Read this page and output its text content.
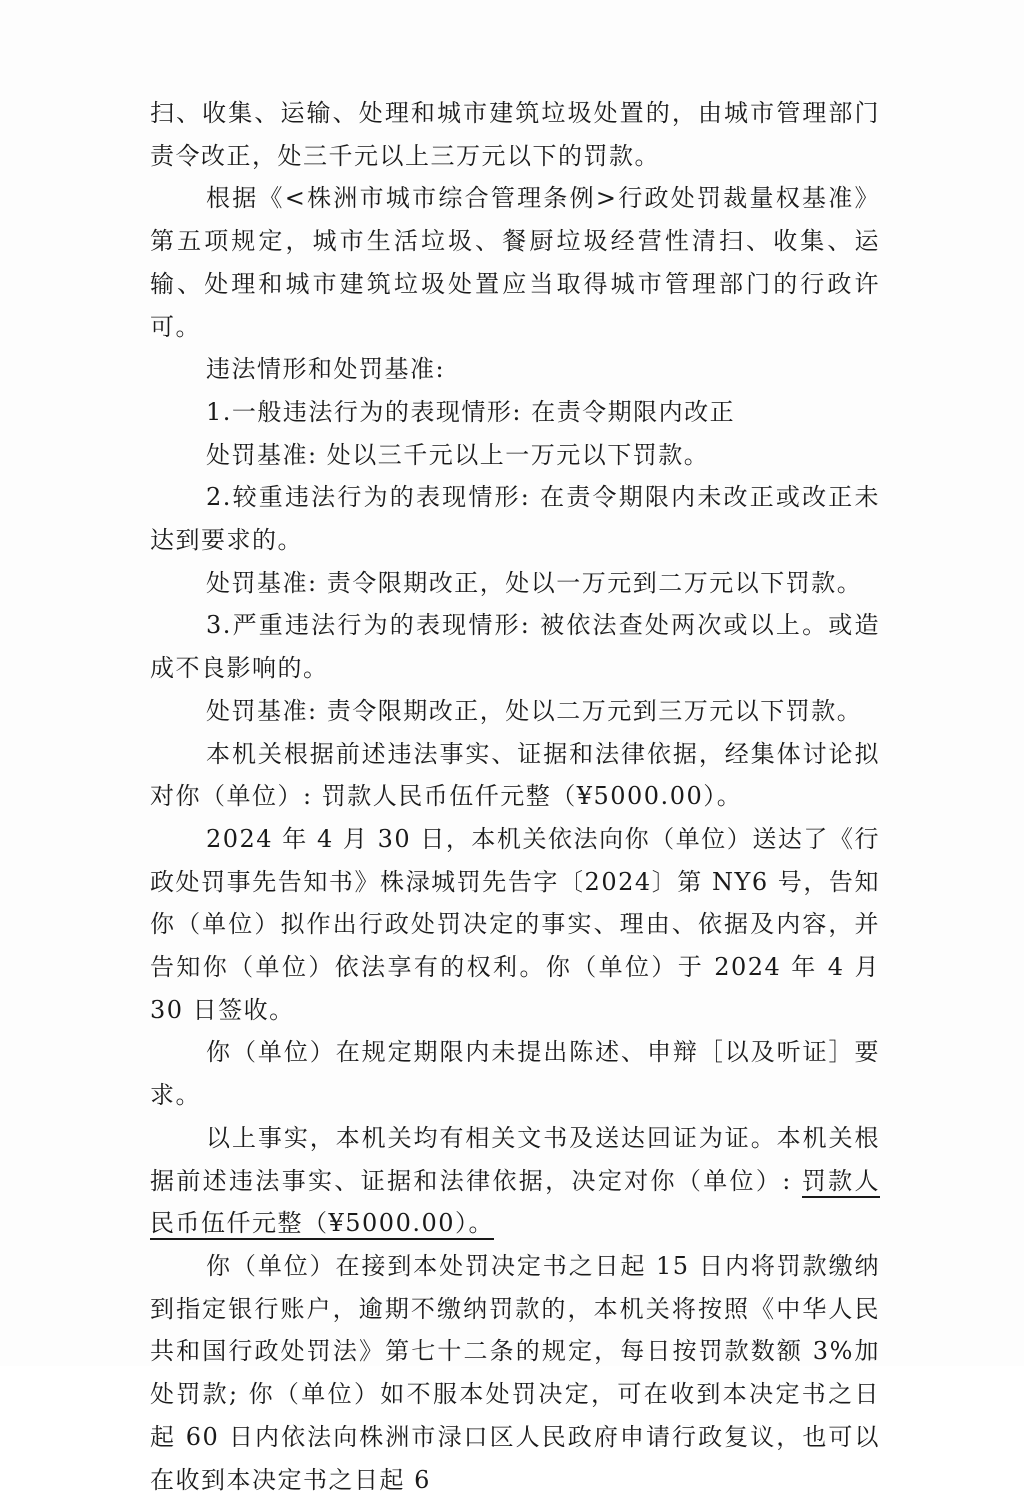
扫、收集、运输、处理和城市建筑垃圾处置的，由城市管理部门责令改正，处三千元以上三万元以下的罚款。

根据《<株洲市城市综合管理条例>行政处罚裁量权基准》第五项规定，城市生活垃圾、餐厨垃圾经营性清扫、收集、运输、处理和城市建筑垃圾处置应当取得城市管理部门的行政许可。

违法情形和处罚基准:

1.一般违法行为的表现情形: 在责令期限内改正

处罚基准: 处以三千元以上一万元以下罚款。

2.较重违法行为的表现情形: 在责令期限内未改正或改正未达到要求的。

处罚基准: 责令限期改正，处以一万元到二万元以下罚款。

3.严重违法行为的表现情形: 被依法查处两次或以上。或造成不良影响的。

处罚基准: 责令限期改正，处以二万元到三万元以下罚款。

本机关根据前述违法事实、证据和法律依据，经集体讨论拟对你（单位）: 罚款人民币伍仟元整（¥5000.00）。

2024 年 4 月 30 日，本机关依法向你（单位）送达了《行政处罚事先告知书》株渌城罚先告字〔2024〕第 NY6 号，告知你（单位）拟作出行政处罚决定的事实、理由、依据及内容，并告知你（单位）依法享有的权利。你（单位）于 2024 年 4 月 30 日签收。

你（单位）在规定期限内未提出陈述、申辩［以及听证］要求。

以上事实，本机关均有相关文书及送达回证为证。本机关根据前述违法事实、证据和法律依据，决定对你（单位）: 罚款人民币伍仟元整（¥5000.00）。

你（单位）在接到本处罚决定书之日起 15 日内将罚款缴纳到指定银行账户，逾期不缴纳罚款的，本机关将按照《中华人民共和国行政处罚法》第七十二条的规定，每日按罚款数额 3%加处罚款; 你（单位）如不服本处罚决定，可在收到本决定书之日起 60 日内依法向株洲市渌口区人民政府申请行政复议，也可以在收到本决定书之日起 6
